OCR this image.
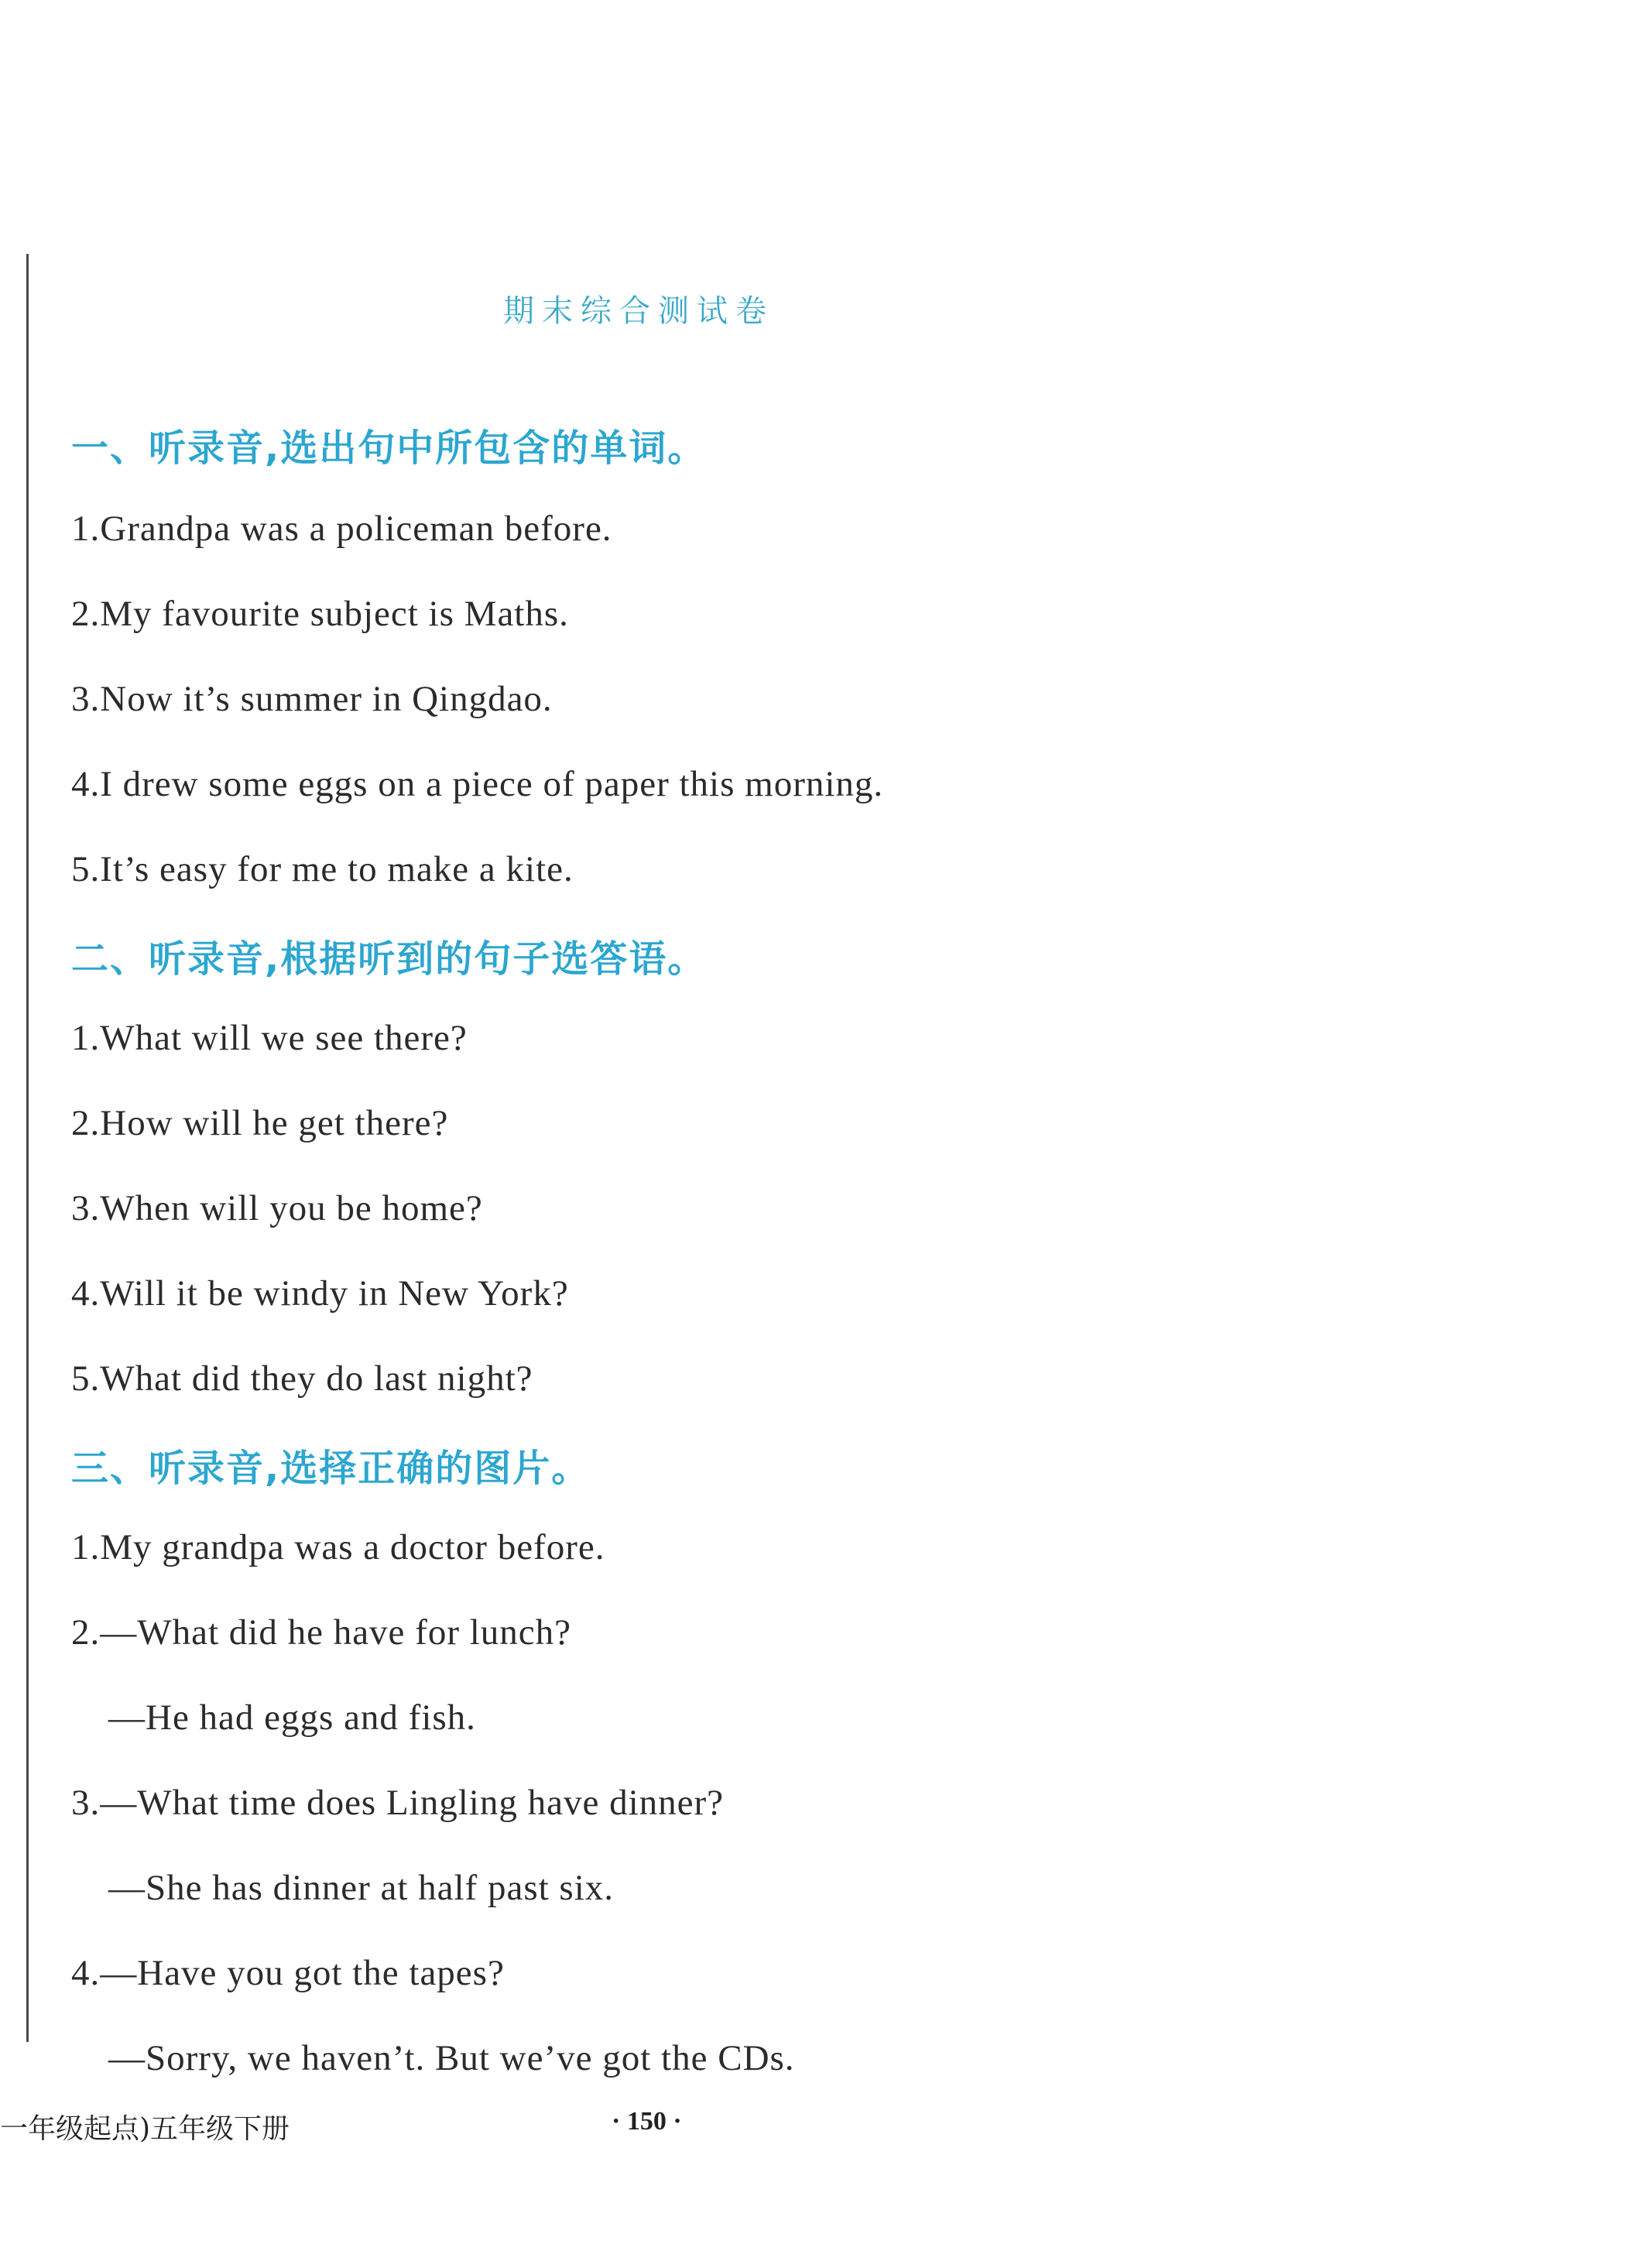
期末综合测试卷
一、听录音,选出句中所包含的单词。
1.Grandpa was a policeman before.
2.My favourite subject is Maths.
3.Now it’s summer in Qingdao.
4.I drew some eggs on a piece of paper this morning.
5.It’s easy for me to make a kite.
二、听录音,根据听到的句子选答语。
1.What will we see there?
2.How will he get there?
3.When will you be home?
4.Will it be windy in New York?
5.What did they do last night?
三、听录音,选择正确的图片。
1.My grandpa was a doctor before.
2.—What did he have for lunch?
—He had eggs and fish.
3.—What time does Lingling have dinner?
—She has dinner at half past six.
4.—Have you got the tapes?
—Sorry, we haven’t. But we’ve got the CDs.
一年级起点)五年级下册	· 150 ·
